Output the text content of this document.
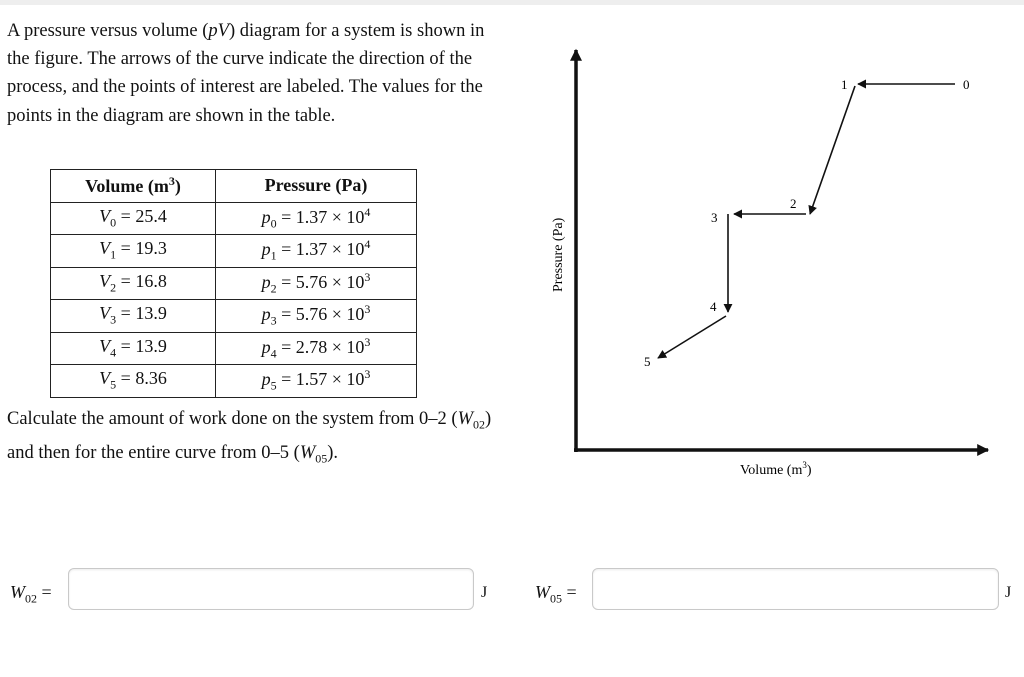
A pressure versus volume (pV) diagram for a system is shown in the figure. The arrows of the curve indicate the direction of the process, and the points of interest are labeled. The values for the points in the diagram are shown in the table.
Volume $(m^3)$	Pressure (Pa)
$V_0 = 25.4$	$p_0 = 1.37 \times 10^4$
$V_1 = 19.3$	$p_1 = 1.37 \times 10^4$
$V_2 = 16.8$	$p_2 = 5.76 \times 10^3$
$V_3 = 13.9$	$p_3 = 5.76 \times 10^3$
$V_4 = 13.9$	$p_4 = 2.78 \times 10^3$
$V_5 = 8.36$	$p_5 = 1.57 \times 10^3$
Calculate the amount of work done on the system from 0–2 $(W_{02})$ and then for the entire curve from 0–5 $(W_{05})$.
$W_{02}$ =	J	$W_{05}$ =	J
0
1
2
3
4
5
Pressure (Pa)
Volume $(m^3)$
